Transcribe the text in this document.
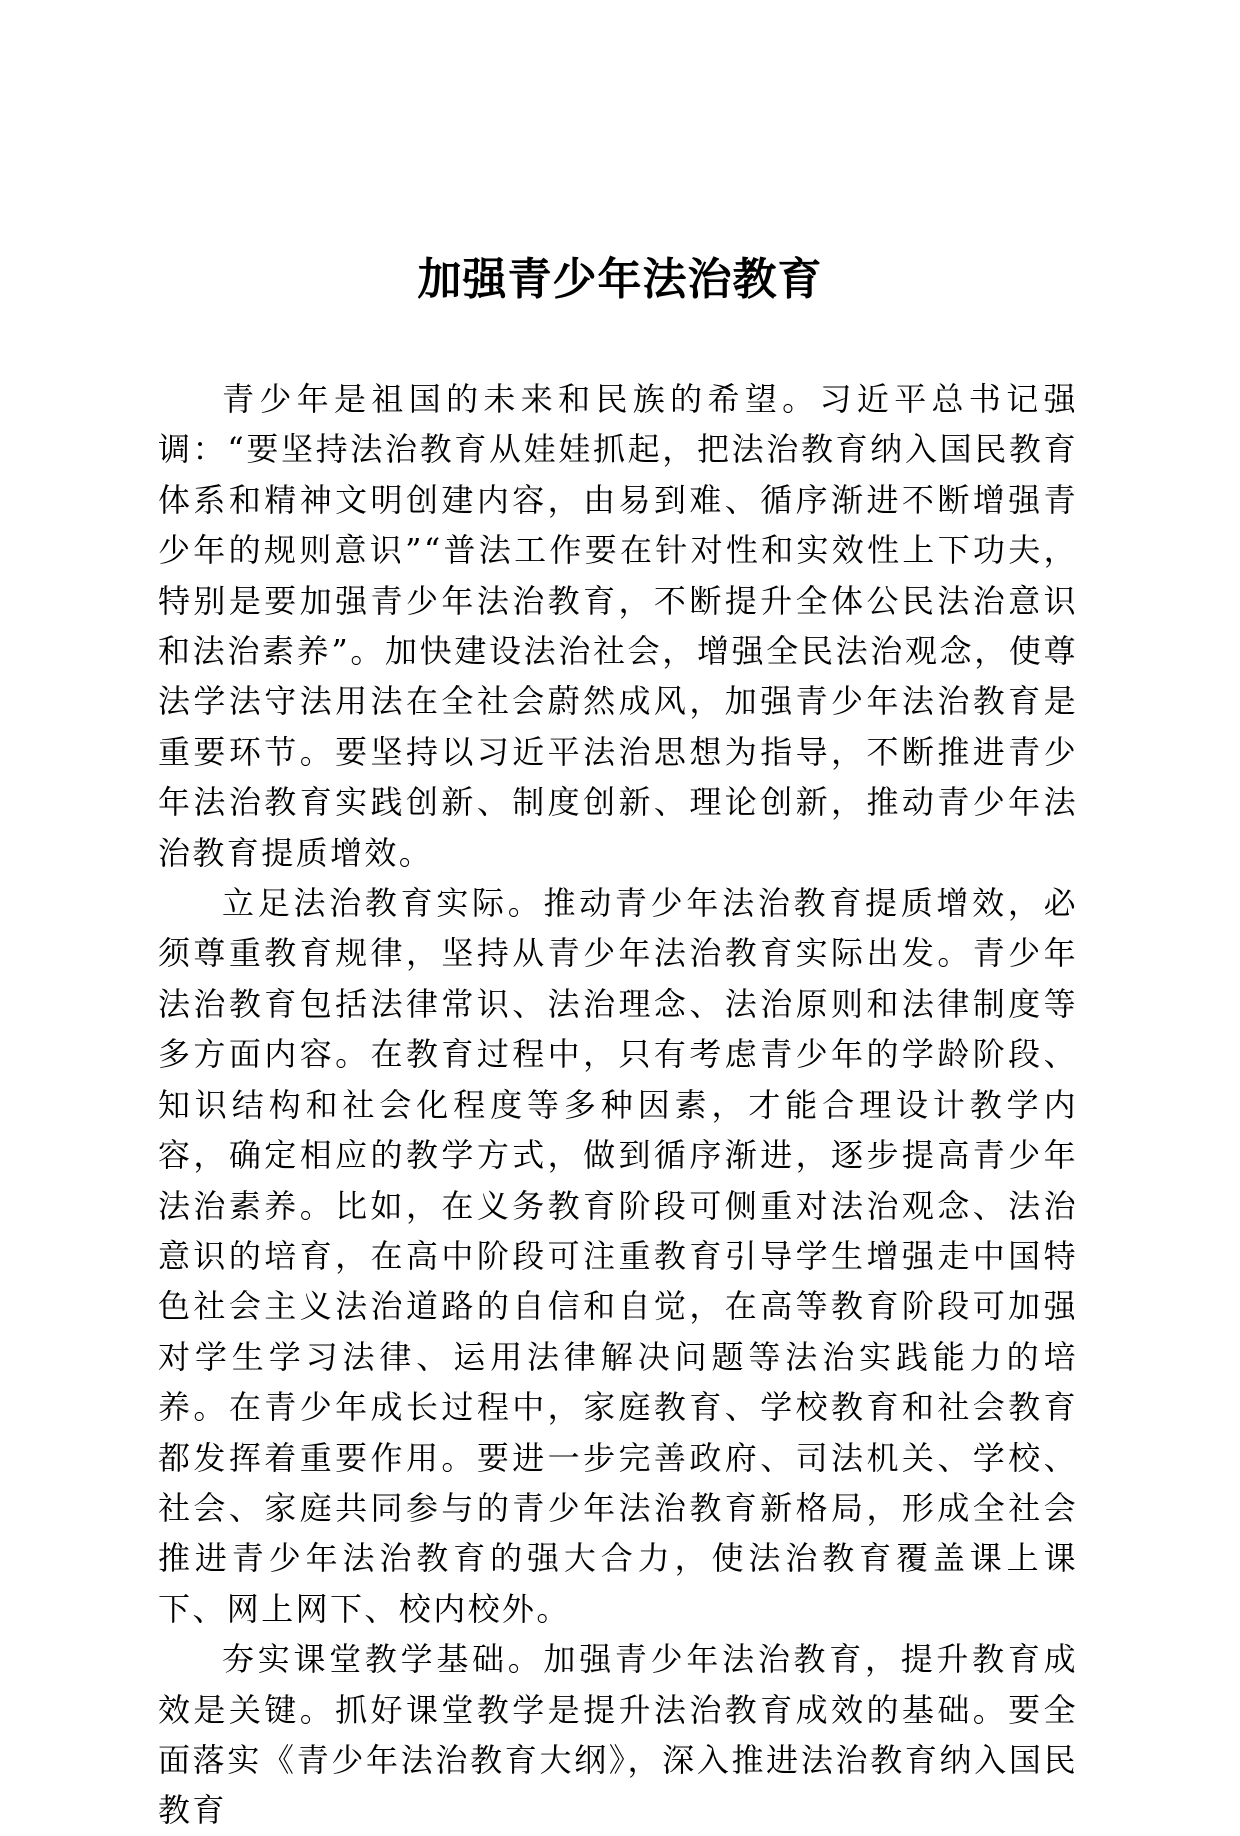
加强青少年法治教育

青少年是祖国的未来和民族的希望。习近平总书记强调：“要坚持法治教育从娃娃抓起，把法治教育纳入国民教育体系和精神文明创建内容，由易到难、循序渐进不断增强青少年的规则意识”“普法工作要在针对性和实效性上下功夫，特别是要加强青少年法治教育，不断提升全体公民法治意识和法治素养”。加快建设法治社会，增强全民法治观念，使尊法学法守法用法在全社会蔚然成风，加强青少年法治教育是重要环节。要坚持以习近平法治思想为指导，不断推进青少年法治教育实践创新、制度创新、理论创新，推动青少年法治教育提质增效。

立足法治教育实际。推动青少年法治教育提质增效，必须尊重教育规律，坚持从青少年法治教育实际出发。青少年法治教育包括法律常识、法治理念、法治原则和法律制度等多方面内容。在教育过程中，只有考虑青少年的学龄阶段、知识结构和社会化程度等多种因素，才能合理设计教学内容，确定相应的教学方式，做到循序渐进，逐步提高青少年法治素养。比如，在义务教育阶段可侧重对法治观念、法治意识的培育，在高中阶段可注重教育引导学生增强走中国特色社会主义法治道路的自信和自觉，在高等教育阶段可加强对学生学习法律、运用法律解决问题等法治实践能力的培养。在青少年成长过程中，家庭教育、学校教育和社会教育都发挥着重要作用。要进一步完善政府、司法机关、学校、社会、家庭共同参与的青少年法治教育新格局，形成全社会推进青少年法治教育的强大合力，使法治教育覆盖课上课下、网上网下、校内校外。

夯实课堂教学基础。加强青少年法治教育，提升教育成效是关键。抓好课堂教学是提升法治教育成效的基础。要全面落实《青少年法治教育大纲》，深入推进法治教育纳入国民教育
